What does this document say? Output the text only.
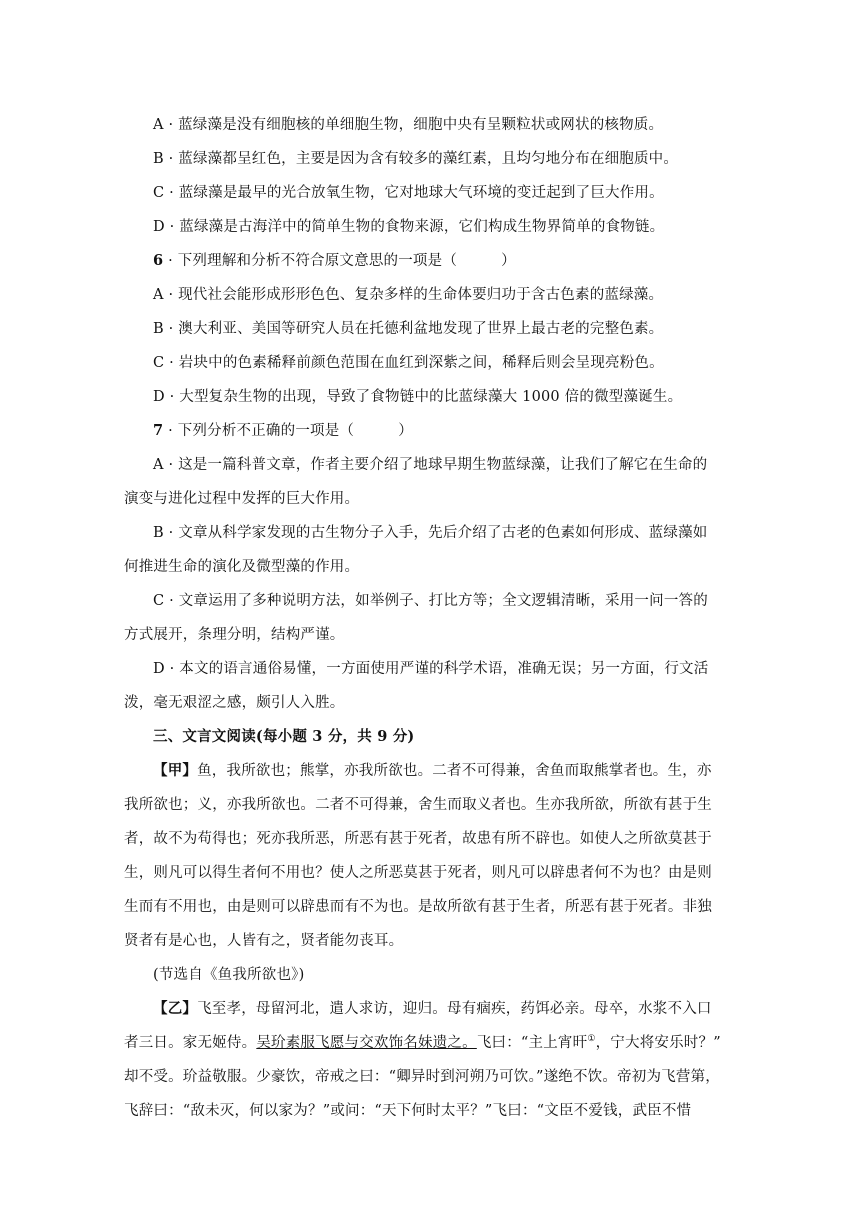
A · 蓝绿藻是没有细胞核的单细胞生物，细胞中央有呈颗粒状或网状的核物质。

B · 蓝绿藻都呈红色，主要是因为含有较多的藻红素，且均匀地分布在细胞质中。

C · 蓝绿藻是最早的光合放氧生物，它对地球大气环境的变迁起到了巨大作用。

D · 蓝绿藻是古海洋中的简单生物的食物来源，它们构成生物界简单的食物链。

6 · 下列理解和分析不符合原文意思的一项是（　　　）

A · 现代社会能形成形形色色、复杂多样的生命体要归功于含古色素的蓝绿藻。

B · 澳大利亚、美国等研究人员在托德利盆地发现了世界上最古老的完整色素。

C · 岩块中的色素稀释前颜色范围在血红到深紫之间，稀释后则会呈现亮粉色。

D · 大型复杂生物的出现，导致了食物链中的比蓝绿藻大 1000 倍的微型藻诞生。

7 · 下列分析不正确的一项是（　　　）

A · 这是一篇科普文章，作者主要介绍了地球早期生物蓝绿藻，让我们了解它在生命的

演变与进化过程中发挥的巨大作用。

B · 文章从科学家发现的古生物分子入手，先后介绍了古老的色素如何形成、蓝绿藻如

何推进生命的演化及微型藻的作用。

C · 文章运用了多种说明方法，如举例子、打比方等；全文逻辑清晰，采用一问一答的

方式展开，条理分明，结构严谨。

D · 本文的语言通俗易懂，一方面使用严谨的科学术语，准确无误；另一方面，行文活

泼，毫无艰涩之感，颇引人入胜。

三、文言文阅读(每小题 3 分，共 9 分)

【甲】鱼，我所欲也；熊掌，亦我所欲也。二者不可得兼，舍鱼而取熊掌者也。生，亦

我所欲也；义，亦我所欲也。二者不可得兼，舍生而取义者也。生亦我所欲，所欲有甚于生

者，故不为苟得也；死亦我所恶，所恶有甚于死者，故患有所不辟也。如使人之所欲莫甚于

生，则凡可以得生者何不用也？使人之所恶莫甚于死者，则凡可以辟患者何不为也？由是则

生而有不用也，由是则可以辟患而有不为也。是故所欲有甚于生者，所恶有甚于死者。非独

贤者有是心也，人皆有之，贤者能勿丧耳。

(节选自《鱼我所欲也》)

【乙】飞至孝，母留河北，遣人求访，迎归。母有痼疾，药饵必亲。母卒，水浆不入口

者三日。家无姬侍。吴玠素服飞愿与交欢饰名妹遗之。飞曰：“主上宵旰①，宁大将安乐时？”

却不受。玠益敬服。少豪饮，帝戒之曰：“卿异时到河朔乃可饮。”遂绝不饮。帝初为飞营第，

飞辞曰：“敌未灭，何以家为？”或问：“天下何时太平？”飞曰：“文臣不爱钱，武臣不惜
